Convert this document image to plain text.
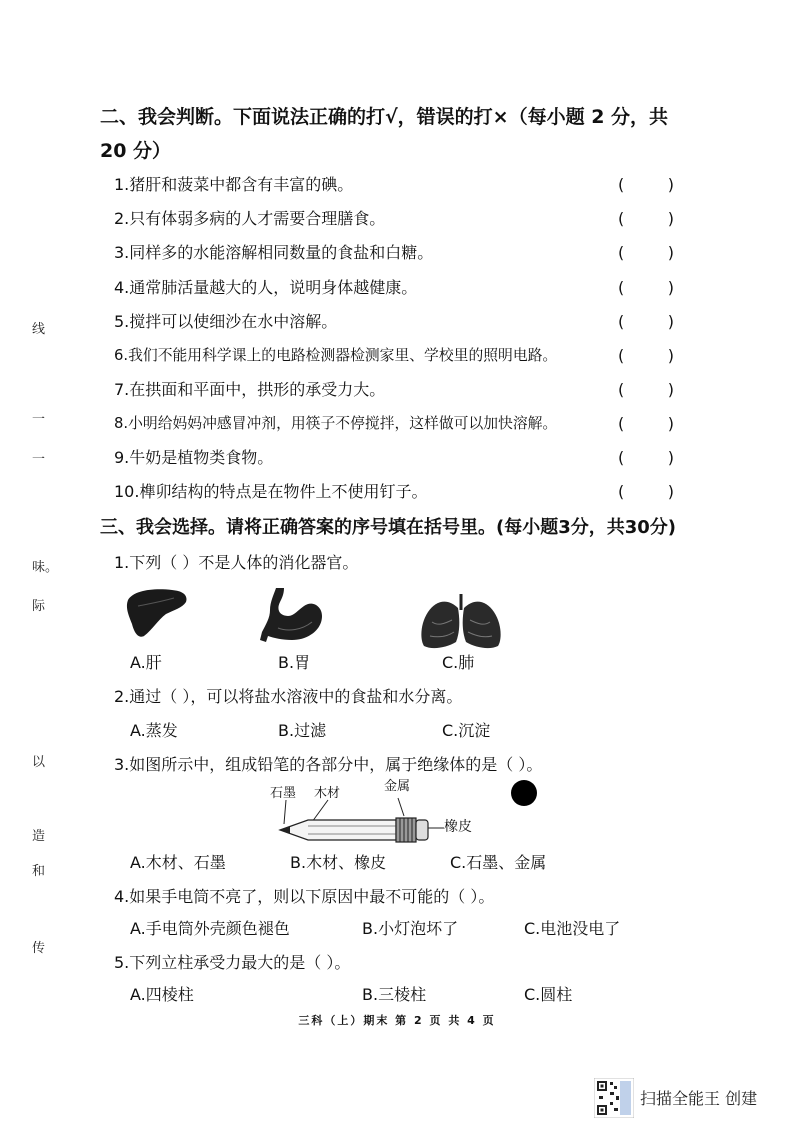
线
一
一
味。
际
以
造
和
传
二、我会判断。下面说法正确的打√，错误的打×（每小题 2 分，共
20 分）
1.猪肝和菠菜中都含有丰富的碘。	(	)
2.只有体弱多病的人才需要合理膳食。	(	)
3.同样多的水能溶解相同数量的食盐和白糖。	(	)
4.通常肺活量越大的人，说明身体越健康。	(	)
5.搅拌可以使细沙在水中溶解。	(	)
6.我们不能用科学课上的电路检测器检测家里、学校里的照明电路。	(	)
7.在拱面和平面中，拱形的承受力大。	(	)
8.小明给妈妈冲感冒冲剂，用筷子不停搅拌，这样做可以加快溶解。	(	)
9.牛奶是植物类食物。	(	)
10.榫卯结构的特点是在物件上不使用钉子。	(	)
三、我会选择。请将正确答案的序号填在括号里。(每小题3分，共30分)
1.下列（ ）不是人体的消化器官。
A.肝	B.胃	C.肺
2.通过（ ），可以将盐水溶液中的食盐和水分离。
A.蒸发	B.过滤	C.沉淀
3.如图所示中，组成铅笔的各部分中，属于绝缘体的是（ ）。
石墨 木材	金属
橡皮
A.木材、石墨	B.木材、橡皮	C.石墨、金属
4.如果手电筒不亮了，则以下原因中最不可能的（ ）。
A.手电筒外壳颜色褪色	B.小灯泡坏了	C.电池没电了
5.下列立柱承受力最大的是（ ）。
A.四棱柱	B.三棱柱	C.圆柱
三科（上）期末 第 2 页 共 4 页
扫描全能王 创建
